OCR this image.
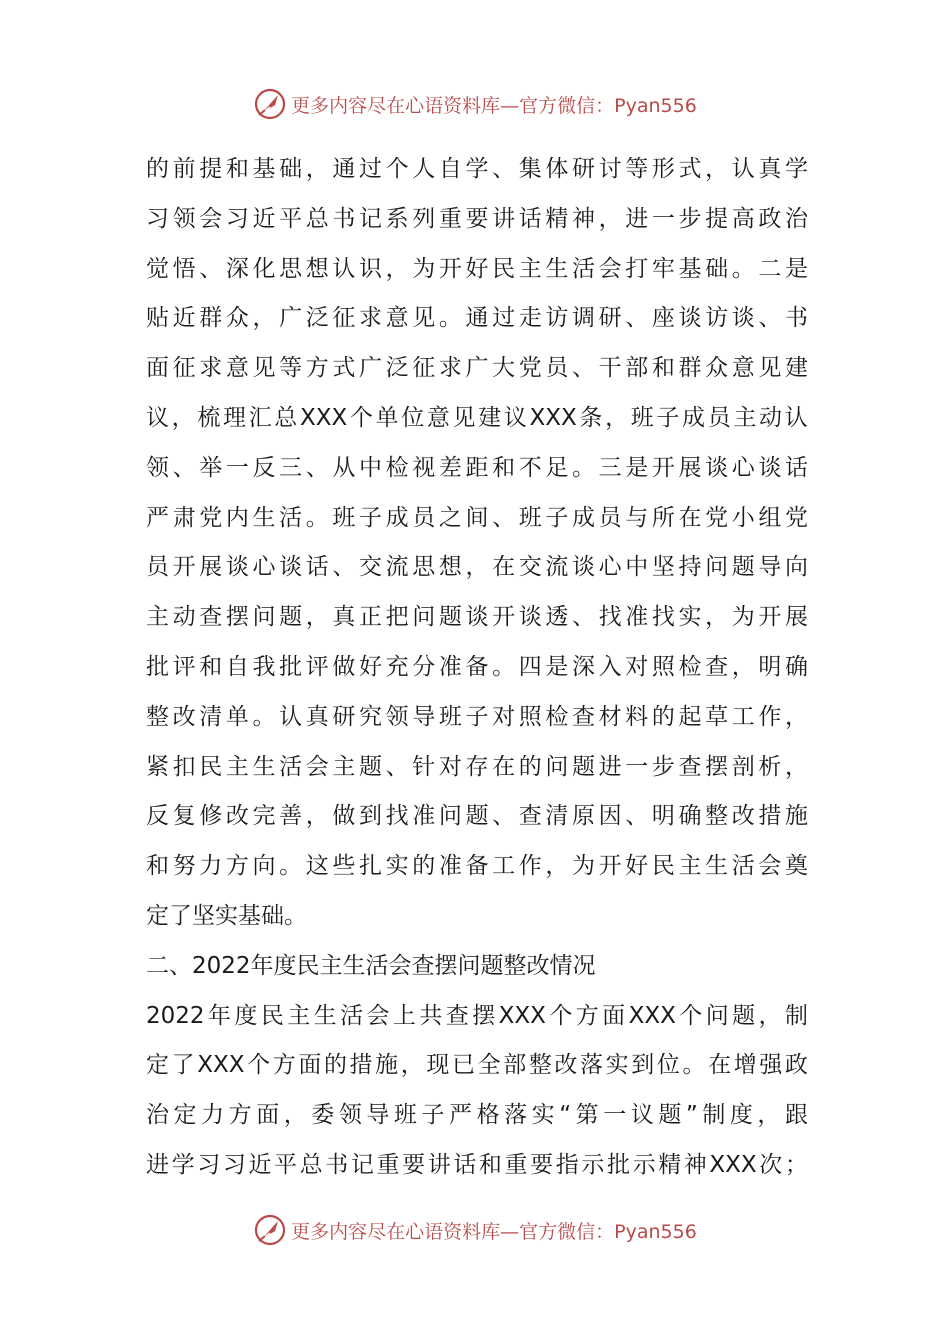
更多内容尽在心语资料库—官方微信：Pyan556
的 前 提 和 基 础 ， 通 过 个 人 自 学 、 集 体 研 讨 等 形 式 ， 认 真 学
习 领 会 习 近 平 总 书 记 系 列 重 要 讲 话 精 神 ， 进 一 步 提 高 政 治
觉 悟 、 深 化 思 想 认 识 ， 为 开 好 民 主 生 活 会 打 牢 基 础 。 二 是
贴 近 群 众 ， 广 泛 征 求 意 见 。 通 过 走 访 调 研 、 座 谈 访 谈 、 书
面 征 求 意 见 等 方 式 广 泛 征 求 广 大 党 员 、 干 部 和 群 众 意 见 建
议 ， 梳 理 汇 总 XXX 个 单 位 意 见 建 议 XXX 条 ， 班 子 成 员 主 动 认
领 、 举 一 反 三 、 从 中 检 视 差 距 和 不 足 。 三 是 开 展 谈 心 谈 话
严 肃 党 内 生 活 。 班 子 成 员 之 间 、 班 子 成 员 与 所 在 党 小 组 党
员 开 展 谈 心 谈 话 、 交 流 思 想 ， 在 交 流 谈 心 中 坚 持 问 题 导 向
主 动 查 摆 问 题 ， 真 正 把 问 题 谈 开 谈 透 、 找 准 找 实 ， 为 开 展
批 评 和 自 我 批 评 做 好 充 分 准 备 。 四 是 深 入 对 照 检 查 ， 明 确
整 改 清 单 。 认 真 研 究 领 导 班 子 对 照 检 查 材 料 的 起 草 工 作 ，
紧 扣 民 主 生 活 会 主 题 、 针 对 存 在 的 问 题 进 一 步 查 摆 剖 析 ，
反 复 修 改 完 善 ， 做 到 找 准 问 题 、 查 清 原 因 、 明 确 整 改 措 施
和 努 力 方 向 。 这 些 扎 实 的 准 备 工 作 ， 为 开 好 民 主 生 活 会 奠
定 了 坚 实 基 础 。
二 、 2022 年 度 民 主 生 活 会 查 摆 问 题 整 改 情 况
2022 年 度 民 主 生 活 会 上 共 查 摆 XXX 个 方 面 XXX 个 问 题 ， 制
定 了 XXX 个 方 面 的 措 施 ， 现 已 全 部 整 改 落 实 到 位 。 在 增 强 政
治 定 力 方 面 ， 委 领 导 班 子 严 格 落 实 “ 第 一 议 题 ” 制 度 ， 跟
进 学 习 习 近 平 总 书 记 重 要 讲 话 和 重 要 指 示 批 示 精 神 XXX 次 ；
更多内容尽在心语资料库—官方微信：Pyan556
